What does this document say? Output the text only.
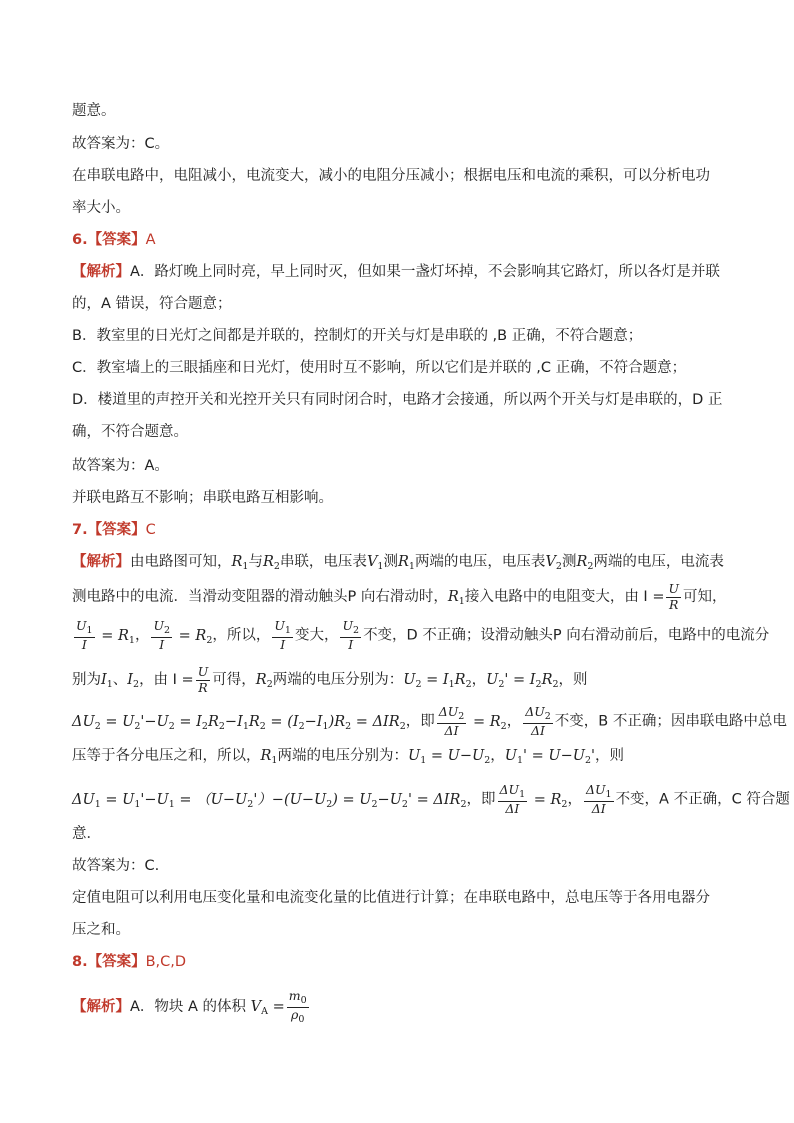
题意。
故答案为：C。
在串联电路中，电阻减小，电流变大，减小的电阻分压减小；根据电压和电流的乘积，可以分析电功
率大小。
6.【答案】A
【解析】A．路灯晚上同时亮，早上同时灭，但如果一盏灯坏掉，不会影响其它路灯，所以各灯是并联
的，A 错误，符合题意；
B．教室里的日光灯之间都是并联的，控制灯的开关与灯是串联的 ,B 正确，不符合题意；
C．教室墙上的三眼插座和日光灯，使用时互不影响，所以它们是并联的 ,C 正确，不符合题意；
D．楼道里的声控开关和光控开关只有同时闭合时，电路才会接通，所以两个开关与灯是串联的，D 正
确，不符合题意。
故答案为：A。
并联电路互不影响；串联电路互相影响。
7.【答案】C
【解析】由电路图可知，$R_1$与$R_2$串联，电压表$V_1$测$R_1$两端的电压，电压表$V_2$测$R_2$两端的电压，电流表
测电路中的电流．当滑动变阻器的滑动触头P 向右滑动时，$R_1$接入电路中的电阻变大，由 $I = \frac{U}{R}$ 可知，
$\frac{U_1}{I} = R_1$， $\frac{U_2}{I} = R_2$，所以， $\frac{U_1}{I}$ 变大， $\frac{U_2}{I}$ 不变，D 不正确；设滑动触头P 向右滑动前后，电路中的电流分
别为$I_1$、$I_2$，由 $I = \frac{U}{R}$ 可得，$R_2$两端的电压分别为：$U_2 = I_1R_2$，$U_2' = I_2R_2$，则
$\Delta U_2 = U_2'-U_2 = I_2R_2-I_1R_2 = (I_2-I_1)R_2 = \Delta IR_2$，即 $\frac{\Delta U_2}{\Delta I} = R_2$， $\frac{\Delta U_2}{\Delta I}$ 不变，B 不正确；因串联电路中总电
压等于各分电压之和，所以，$R_1$两端的电压分别为：$U_1 = U-U_2$，$U_1' = U-U_2'$，则
$\Delta U_1 = U_1'-U_1 = (U-U_2')-(U-U_2) = U_2-U_2' = \Delta IR_2$，即 $\frac{\Delta U_1}{\Delta I} = R_2$， $\frac{\Delta U_1}{\Delta I}$ 不变，A 不正确，C 符合题
意．
故答案为：C.
定值电阻可以利用电压变化量和电流变化量的比值进行计算；在串联电路中，总电压等于各用电器分
压之和。
8.【答案】B,C,D
【解析】A．物块 A 的体积 $V_A = \frac{m_0}{\rho_0}$
